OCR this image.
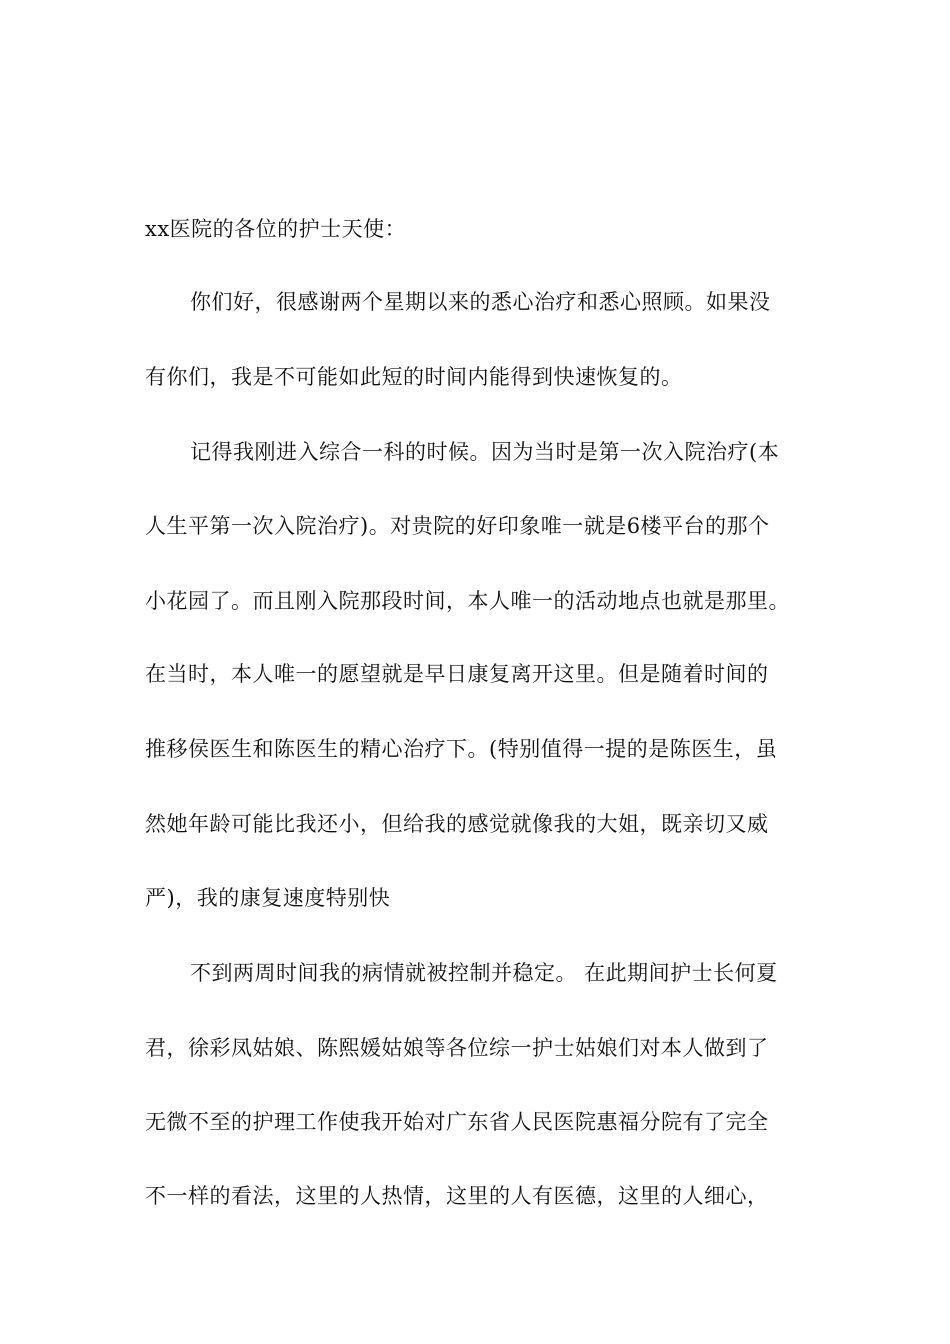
xx医院的各位的护士天使：
你们好，很感谢两个星期以来的悉心治疗和悉心照顾。如果没
有你们，我是不可能如此短的时间内能得到快速恢复的。
记得我刚进入综合一科的时候。因为当时是第一次入院治疗(本
人生平第一次入院治疗)。对贵院的好印象唯一就是6楼平台的那个
小花园了。而且刚入院那段时间，本人唯一的活动地点也就是那里。
在当时，本人唯一的愿望就是早日康复离开这里。但是随着时间的
推移侯医生和陈医生的精心治疗下。(特别值得一提的是陈医生，虽
然她年龄可能比我还小，但给我的感觉就像我的大姐，既亲切又威
严)，我的康复速度特别快
不到两周时间我的病情就被控制并稳定。 在此期间护士长何夏
君，徐彩凤姑娘、陈熙媛姑娘等各位综一护士姑娘们对本人做到了
无微不至的护理工作使我开始对广东省人民医院惠福分院有了完全
不一样的看法，这里的人热情，这里的人有医德，这里的人细心，
